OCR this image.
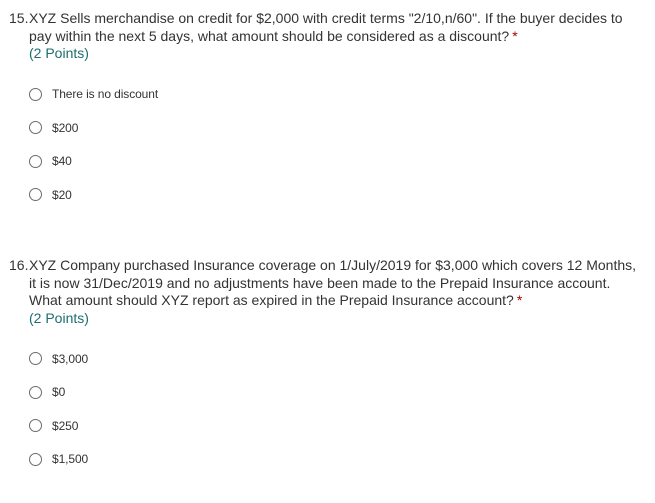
15. XYZ Sells merchandise on credit for $2,000 with credit terms "2/10,n/60". If the buyer decides to pay within the next 5 days, what amount should be considered as a discount? *
(2 Points)
There is no discount
$200
$40
$20
16. XYZ Company purchased Insurance coverage on 1/July/2019 for $3,000 which covers 12 Months, it is now 31/Dec/2019 and no adjustments have been made to the Prepaid Insurance account. What amount should XYZ report as expired in the Prepaid Insurance account? *
(2 Points)
$3,000
$0
$250
$1,500
